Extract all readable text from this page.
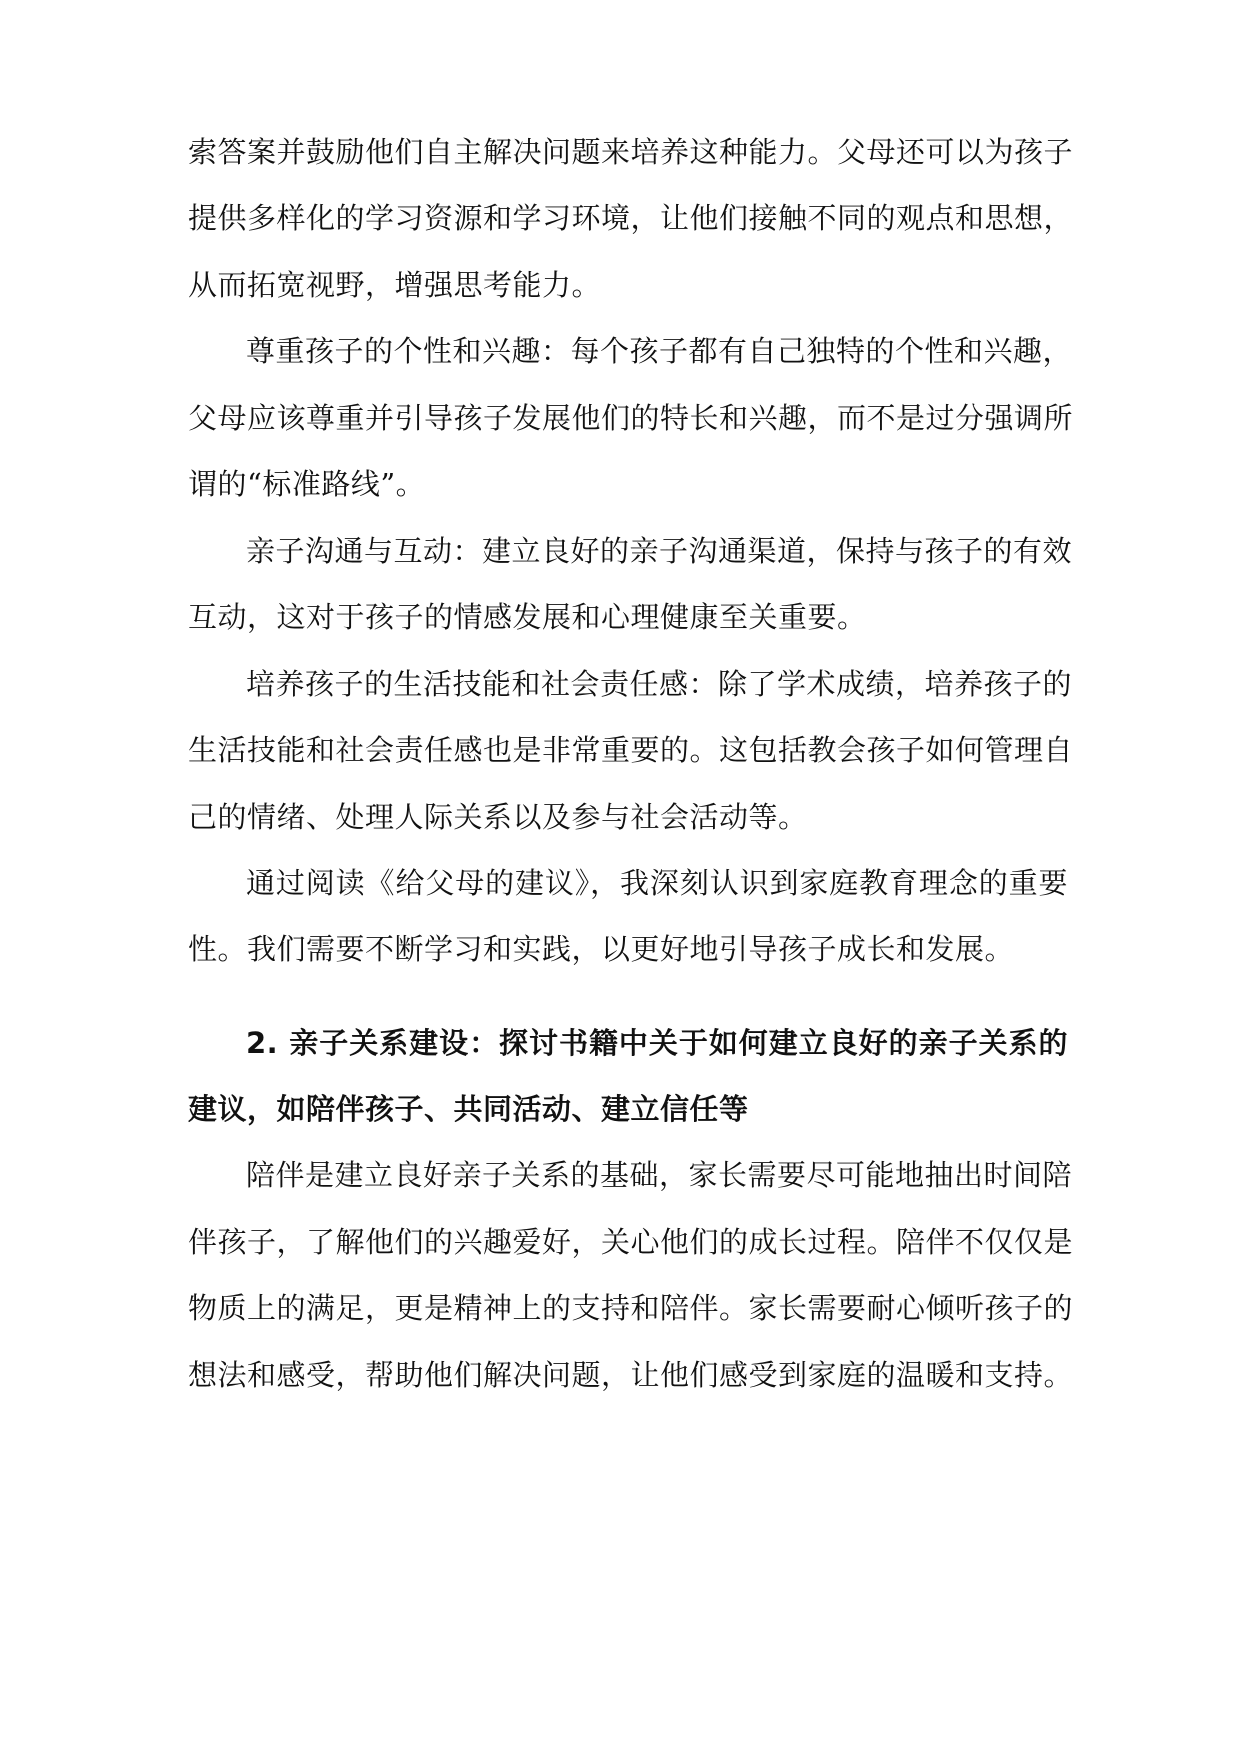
索答案并鼓励他们自主解决问题来培养这种能力。父母还可以为孩子
提供多样化的学习资源和学习环境，让他们接触不同的观点和思想，
从而拓宽视野，增强思考能力。
尊重孩子的个性和兴趣：每个孩子都有自己独特的个性和兴趣，
父母应该尊重并引导孩子发展他们的特长和兴趣，而不是过分强调所
谓的“标准路线”。
亲子沟通与互动：建立良好的亲子沟通渠道，保持与孩子的有效
互动，这对于孩子的情感发展和心理健康至关重要。
培养孩子的生活技能和社会责任感：除了学术成绩，培养孩子的
生活技能和社会责任感也是非常重要的。这包括教会孩子如何管理自
己的情绪、处理人际关系以及参与社会活动等。
通过阅读《给父母的建议》，我深刻认识到家庭教育理念的重要
性。我们需要不断学习和实践，以更好地引导孩子成长和发展。
2. 亲子关系建设：探讨书籍中关于如何建立良好的亲子关系的
建议，如陪伴孩子、共同活动、建立信任等
陪伴是建立良好亲子关系的基础，家长需要尽可能地抽出时间陪
伴孩子，了解他们的兴趣爱好，关心他们的成长过程。陪伴不仅仅是
物质上的满足，更是精神上的支持和陪伴。家长需要耐心倾听孩子的
想法和感受，帮助他们解决问题，让他们感受到家庭的温暖和支持。
